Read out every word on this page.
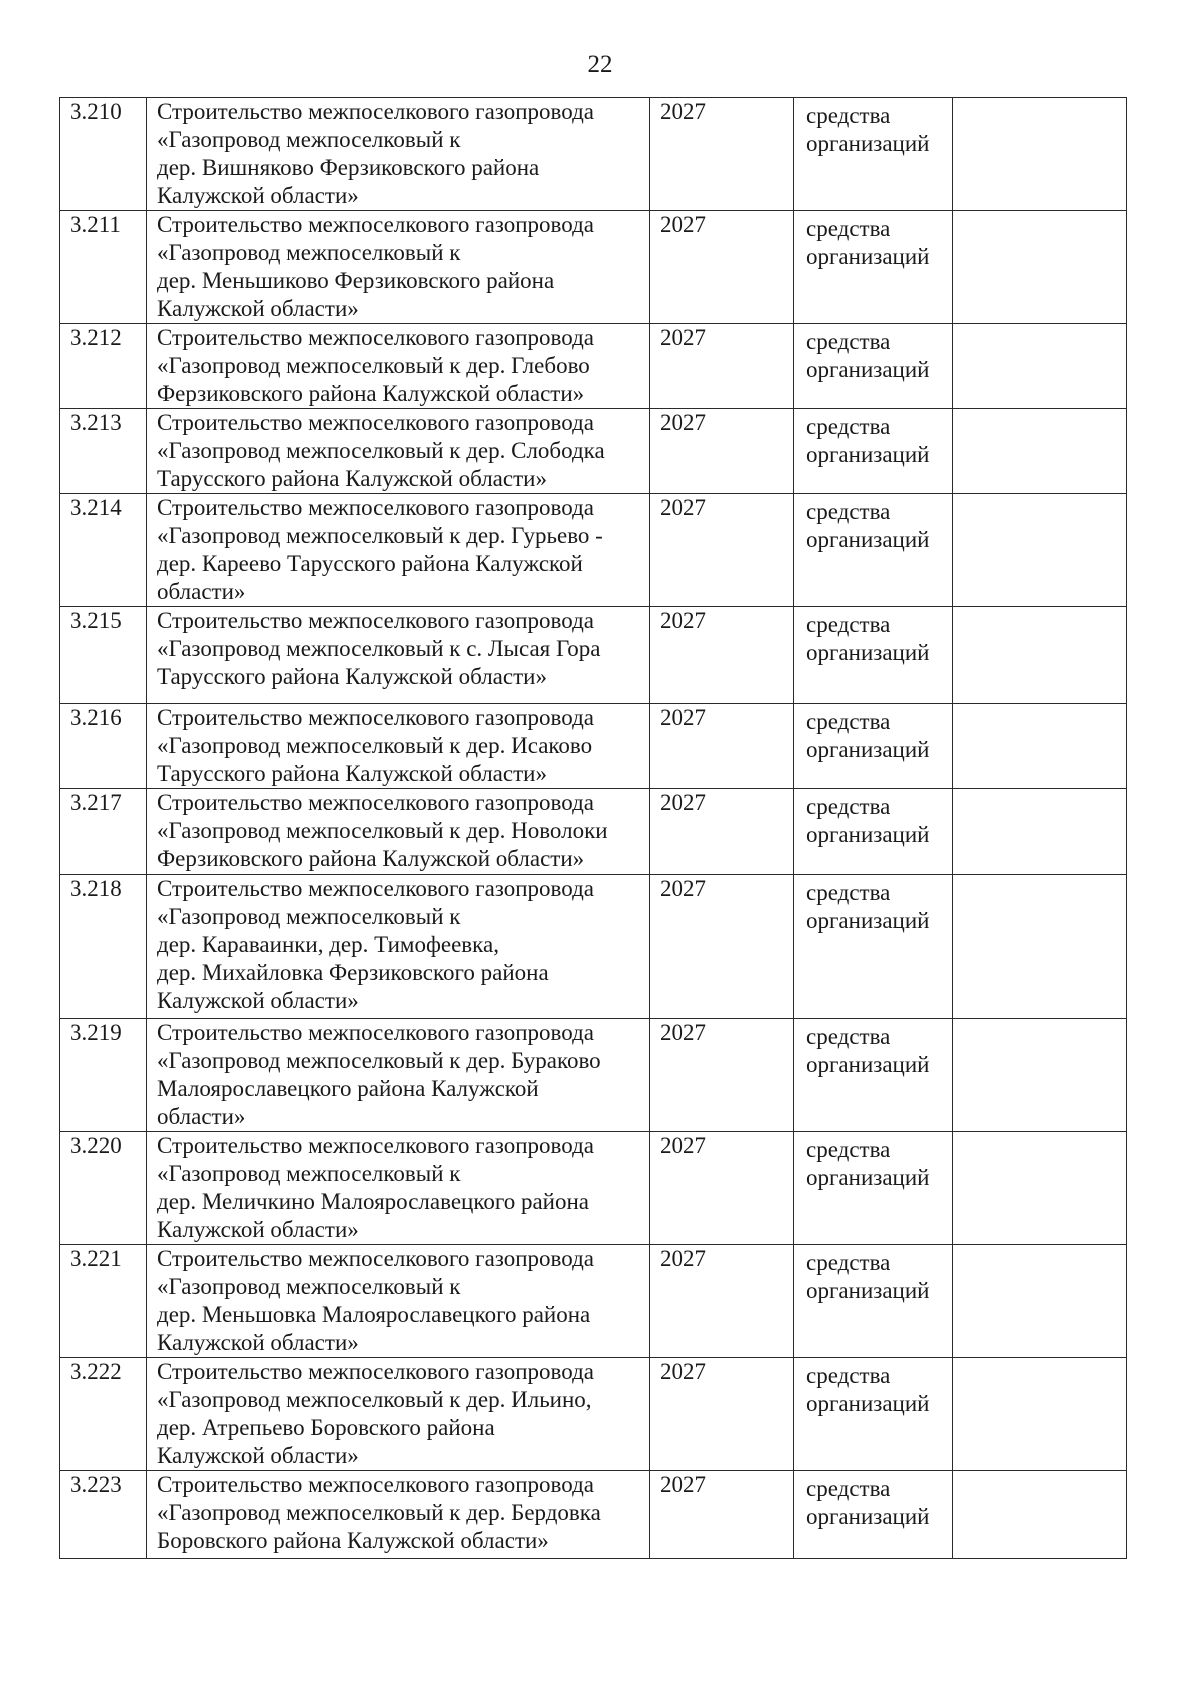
22
3.210	Строительство межпоселкового газопровода
«Газопровод межпоселковый к
дер. Вишняково Ферзиковского района
Калужской области»	2027	средства
организаций	
3.211	Строительство межпоселкового газопровода
«Газопровод межпоселковый к
дер. Меньшиково Ферзиковского района
Калужской области»	2027	средства
организаций	
3.212	Строительство межпоселкового газопровода
«Газопровод межпоселковый к дер. Глебово
Ферзиковского района Калужской области»	2027	средства
организаций	
3.213	Строительство межпоселкового газопровода
«Газопровод межпоселковый к дер. Слободка
Тарусского района Калужской области»	2027	средства
организаций	
3.214	Строительство межпоселкового газопровода
«Газопровод межпоселковый к дер. Гурьево -
дер. Кареево Тарусского района Калужской
области»	2027	средства
организаций	
3.215	Строительство межпоселкового газопровода
«Газопровод межпоселковый к с. Лысая Гора
Тарусского района Калужской области»	2027	средства
организаций	
3.216	Строительство межпоселкового газопровода
«Газопровод межпоселковый к дер. Исаково
Тарусского района Калужской области»	2027	средства
организаций	
3.217	Строительство межпоселкового газопровода
«Газопровод межпоселковый к дер. Новолоки
Ферзиковского района Калужской области»	2027	средства
организаций	
3.218	Строительство межпоселкового газопровода
«Газопровод межпоселковый к
дер. Караваинки, дер. Тимофеевка,
дер. Михайловка Ферзиковского района
Калужской области»	2027	средства
организаций	
3.219	Строительство межпоселкового газопровода
«Газопровод межпоселковый к дер. Бураково
Малоярославецкого района Калужской
области»	2027	средства
организаций	
3.220	Строительство межпоселкового газопровода
«Газопровод межпоселковый к
дер. Меличкино Малоярославецкого района
Калужской области»	2027	средства
организаций	
3.221	Строительство межпоселкового газопровода
«Газопровод межпоселковый к
дер. Меньшовка Малоярославецкого района
Калужской области»	2027	средства
организаций	
3.222	Строительство межпоселкового газопровода
«Газопровод межпоселковый к дер. Ильино,
дер. Атрепьево Боровского района
Калужской области»	2027	средства
организаций	
3.223	Строительство межпоселкового газопровода
«Газопровод межпоселковый к дер. Бердовка
Боровского района Калужской области»	2027	средства
организаций	
